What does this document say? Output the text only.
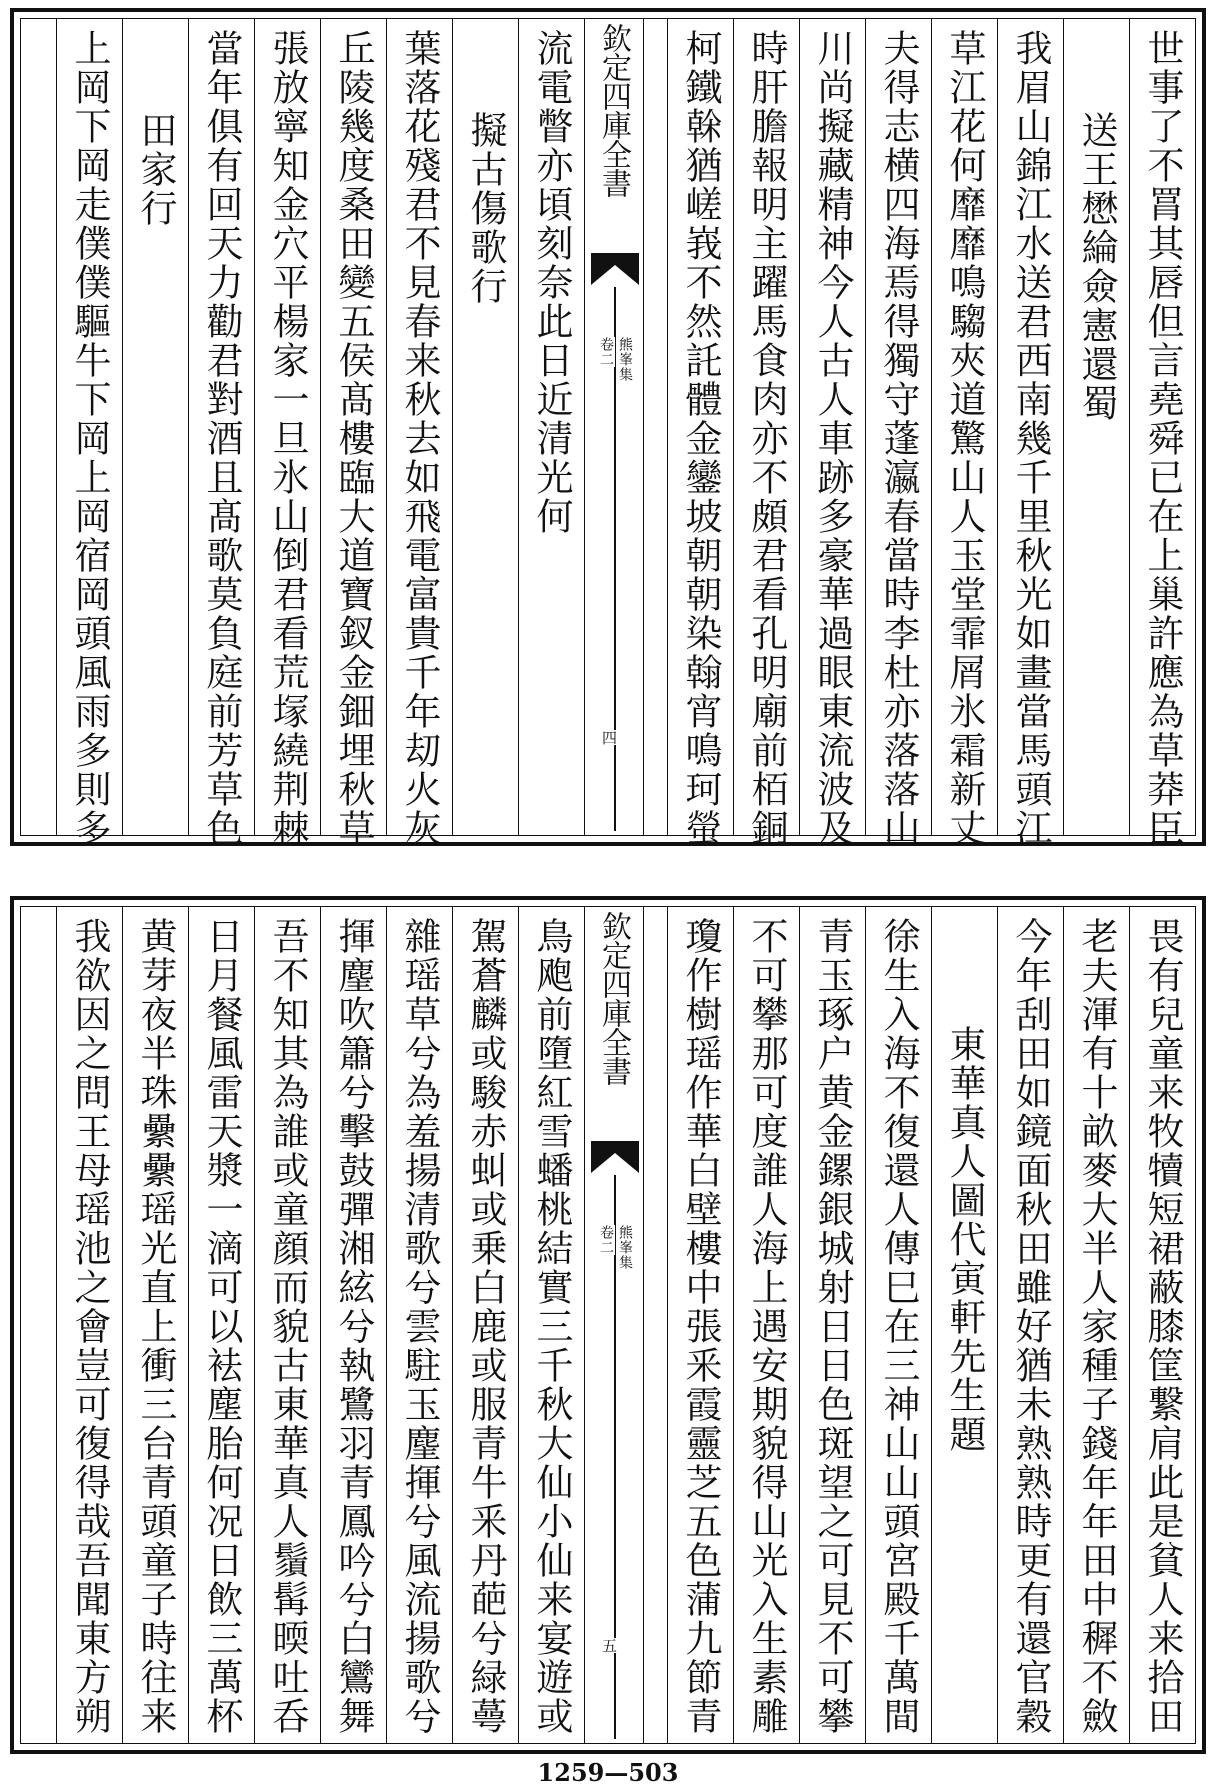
欽定四庫全書
熊峯集
卷二
四	世事了不罥其唇但言堯舜已在上巢許應為草莽臣
送王懋綸僉憲還蜀
我眉山錦江水送君西南幾千里秋光如畫當馬頭江
草江花何靡靡鳴騶夾道驚山人玉堂霏屑氷霜新丈
夫得志横四海焉得獨守蓬瀛春當時李杜亦落落山
川尚擬藏精神今人古人車跡多豪華過眼東流波及
時肝膽報明主躍馬食肉亦不頗君看孔明廟前栢銅
柯鐵榦猶嵯峩不然託體金鑾坡朝朝染翰宵鳴珂螢
流電瞥亦頃刻奈此日近清光何
擬古傷歌行
葉落花殘君不見春来秋去如飛電富貴千年刧火灰
丘陵幾度桑田變五侯髙樓臨大道寶釵金鈿埋秋草
張放寧知金穴平楊家一旦氷山倒君看荒塜繞荆棘
當年俱有回天力勸君對酒且髙歌莫負庭前芳草色
田家行
上岡下岡走僕僕驅牛下岡上岡宿岡頭風雨多則多
欽定四庫全書
熊峯集
卷二
五	畏有兒童来牧犢短裙蔽膝筐繋肩此是貧人来拾田
老夫渾有十畝麥大半人家種子錢年年田中穉不斂
今年刮田如鏡面秋田雖好猶未熟熟時更有還官穀
東華真人圖代寅軒先生題
徐生入海不復還人傳巳在三神山山頭宮殿千萬間
青玉琢户黄金鏍銀城射日日色斑望之可見不可攀
不可攀那可度誰人海上遇安期貌得山光入生素雕
瓊作樹瑶作華白壁樓中張釆霞靈芝五色蒲九節青
鳥飑前墮紅雪蟠桃結實三千秋大仙小仙来宴遊或
駕蒼麟或駿赤虯或乗白鹿或服青牛釆丹葩兮緑蕚
雜瑶草兮為羞揚清歌兮雲駐玉麈揮兮風流揚歌兮
揮麈吹簫兮擊鼓彈湘絃兮執鷺羽青鳳吟兮白鸞舞
吾不知其為誰或童顔而貌古東華真人鬚髯㬉吐呑
日月餐風雷天漿一滴可以袪塵胎何况日飲三萬杯
黄芽夜半珠纍纍瑶光直上衝三台青頭童子時往来
我欲因之問王母瑶池之會豈可復得哉吾聞東方朔
1259—503
